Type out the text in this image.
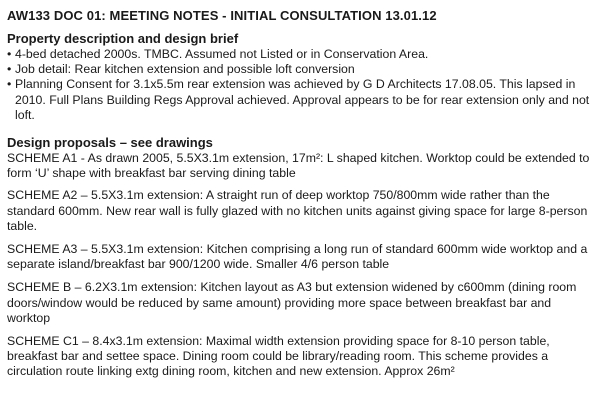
AW133 DOC 01: MEETING NOTES - INITIAL CONSULTATION 13.01.12
Property description and design brief
• 4-bed detached 2000s. TMBC. Assumed not Listed or in Conservation Area.
• Job detail: Rear kitchen extension and possible loft conversion
• Planning Consent for 3.1x5.5m rear extension was achieved by G D Architects 17.08.05. This lapsed in 2010. Full Plans Building Regs Approval achieved. Approval appears to be for rear extension only and not loft.
Design proposals – see drawings

SCHEME A1 - As drawn 2005, 5.5X3.1m extension, 17m²: L shaped kitchen. Worktop could be extended to form ‘U’ shape with breakfast bar serving dining table

SCHEME A2 – 5.5X3.1m extension: A straight run of deep worktop 750/800mm wide rather than the standard 600mm. New rear wall is fully glazed with no kitchen units against giving space for large 8-person table.

SCHEME A3 – 5.5X3.1m extension: Kitchen comprising a long run of standard 600mm wide worktop and a separate island/breakfast bar 900/1200 wide. Smaller 4/6 person table

SCHEME B – 6.2X3.1m extension: Kitchen layout as A3 but extension widened by c600mm (dining room doors/window would be reduced by same amount) providing more space between breakfast bar and worktop

SCHEME C1 – 8.4x3.1m extension: Maximal width extension providing space for 8-10 person table, breakfast bar and settee space. Dining room could be library/reading room. This scheme provides a circulation route linking extg dining room, kitchen and new extension. Approx 26m²
